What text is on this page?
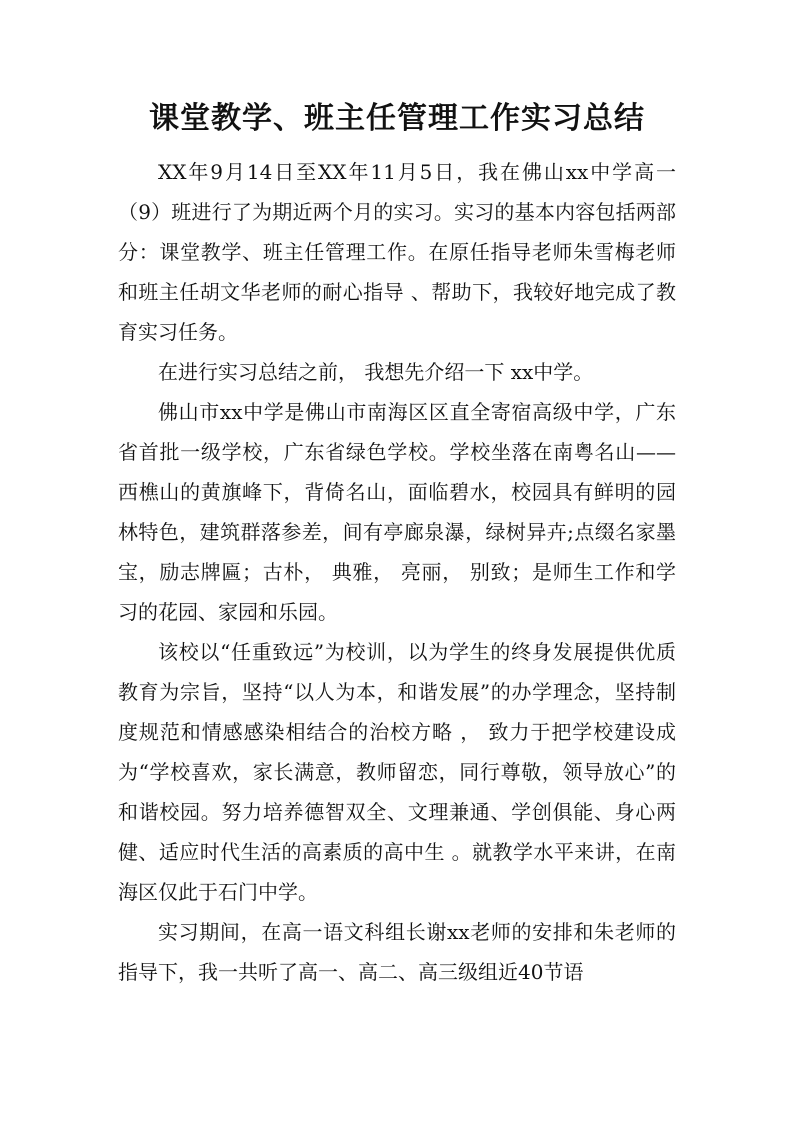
课堂教学、班主任管理工作实习总结

XX年9月14日至XX年11月5日，我在佛山xx中学高一（9）班进行了为期近两个月的实习。实习的基本内容包括两部分：课堂教学、班主任管理工作。在原任指导老师朱雪梅老师和班主任胡文华老师的耐心指导 、帮助下，我较好地完成了教育实习任务。

在进行实习总结之前， 我想先介绍一下 xx中学。

佛山市xx中学是佛山市南海区区直全寄宿高级中学，广东省首批一级学校，广东省绿色学校。学校坐落在南粤名山——西樵山的黄旗峰下，背倚名山，面临碧水，校园具有鲜明的园林特色，建筑群落参差，间有亭廊泉瀑，绿树异卉;点缀名家墨宝，励志牌匾；古朴， 典雅， 亮丽， 别致；是师生工作和学习的花园、家园和乐园。

该校以“任重致远”为校训，以为学生的终身发展提供优质教育为宗旨，坚持“以人为本，和谐发展”的办学理念，坚持制度规范和情感感染相结合的治校方略 ， 致力于把学校建设成为“学校喜欢，家长满意，教师留恋，同行尊敬，领导放心”的和谐校园。努力培养德智双全、文理兼通、学创俱能、身心两健、适应时代生活的高素质的高中生 。就教学水平来讲，在南海区仅此于石门中学。

实习期间，在高一语文科组长谢xx老师的安排和朱老师的指导下，我一共听了高一、高二、高三级组近40节语
